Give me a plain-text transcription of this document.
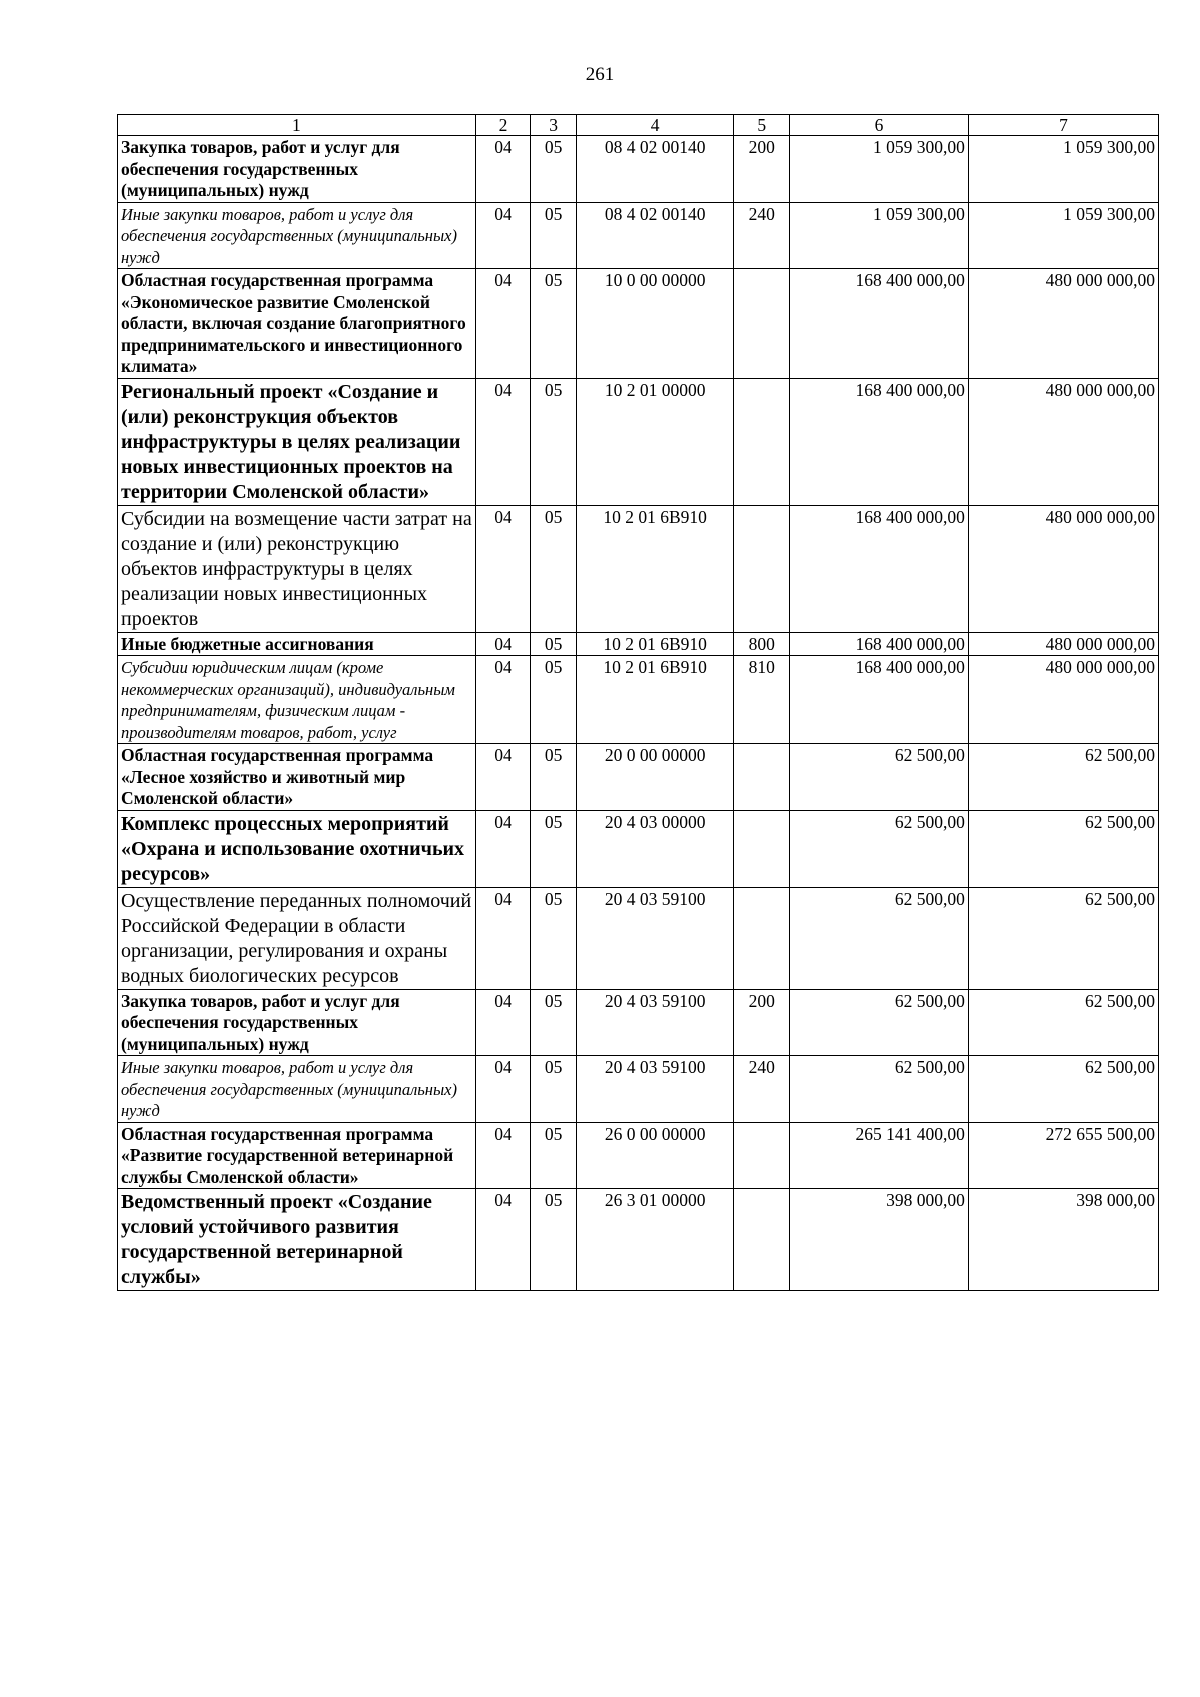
261
1	2	3	4	5	6	7
Закупка товаров, работ и услуг для обеспечения государственных (муниципальных) нужд	04	05	08 4 02 00140	200	1 059 300,00	1 059 300,00
Иные закупки товаров, работ и услуг для обеспечения государственных (муниципальных) нужд	04	05	08 4 02 00140	240	1 059 300,00	1 059 300,00
Областная государственная программа «Экономическое развитие Смоленской области, включая создание благоприятного предпринимательского и инвестиционного климата»	04	05	10 0 00 00000		168 400 000,00	480 000 000,00
Региональный проект «Создание и (или) реконструкция объектов инфраструктуры в целях реализации новых инвестиционных проектов на территории Смоленской области»	04	05	10 2 01 00000		168 400 000,00	480 000 000,00
Субсидии на возмещение части затрат на создание и (или) реконструкцию объектов инфраструктуры в целях реализации новых инвестиционных проектов	04	05	10 2 01 6В910		168 400 000,00	480 000 000,00
Иные бюджетные ассигнования	04	05	10 2 01 6В910	800	168 400 000,00	480 000 000,00
Субсидии юридическим лицам (кроме некоммерческих организаций), индивидуальным предпринимателям, физическим лицам - производителям товаров, работ, услуг	04	05	10 2 01 6В910	810	168 400 000,00	480 000 000,00
Областная государственная программа «Лесное хозяйство и животный мир Смоленской области»	04	05	20 0 00 00000		62 500,00	62 500,00
Комплекс процессных мероприятий «Охрана и использование охотничьих ресурсов»	04	05	20 4 03 00000		62 500,00	62 500,00
Осуществление переданных полномочий Российской Федерации в области организации, регулирования и охраны водных биологических ресурсов	04	05	20 4 03 59100		62 500,00	62 500,00
Закупка товаров, работ и услуг для обеспечения государственных (муниципальных) нужд	04	05	20 4 03 59100	200	62 500,00	62 500,00
Иные закупки товаров, работ и услуг для обеспечения государственных (муниципальных) нужд	04	05	20 4 03 59100	240	62 500,00	62 500,00
Областная государственная программа «Развитие государственной ветеринарной службы Смоленской области»	04	05	26 0 00 00000		265 141 400,00	272 655 500,00
Ведомственный проект «Создание условий устойчивого развития государственной ветеринарной службы»	04	05	26 3 01 00000		398 000,00	398 000,00
